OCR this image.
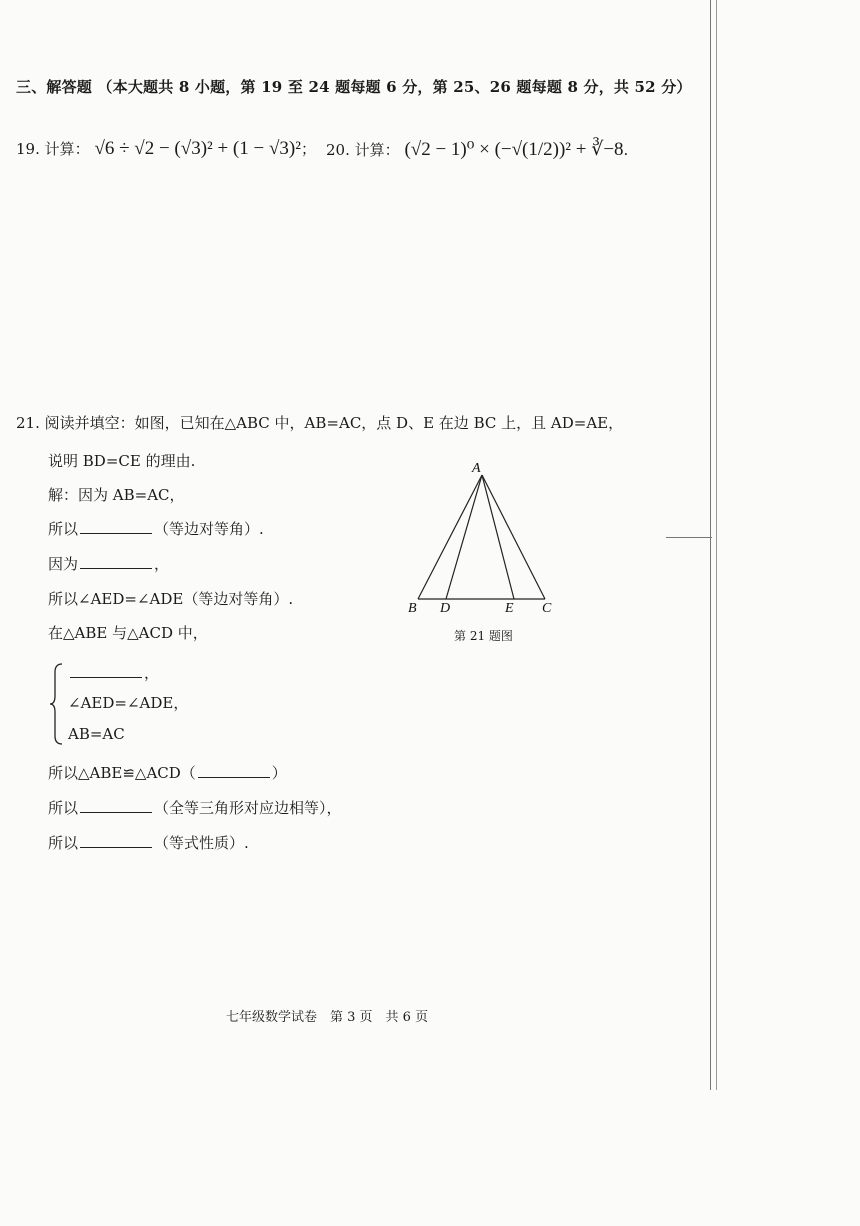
三、解答题 （本大题共 8 小题，第 19 至 24 题每题 6 分，第 25、26 题每题 8 分，共 52 分）
19. 计算： √6 ÷ √2 − (√3)² + (1 − √3)²； 20. 计算： (√2 − 1)⁰ × (−√(1/2))² + ∛−8.
21. 阅读并填空：如图，已知在△ABC 中，AB=AC，点 D、E 在边 BC 上，且 AD=AE，
说明 BD=CE 的理由.
解：因为 AB=AC，
所以	（等边对等角）.
因为	，
所以∠AED=∠ADE（等边对等角）.
在△ABE 与△ACD 中，
，
∠AED=∠ADE，
AB=AC
所以△ABE≌△ACD（	）
所以	（全等三角形对应边相等），
所以	（等式性质）.
A
B D	E C
第 21 题图
七年级数学试卷　第 3 页　共 6 页
